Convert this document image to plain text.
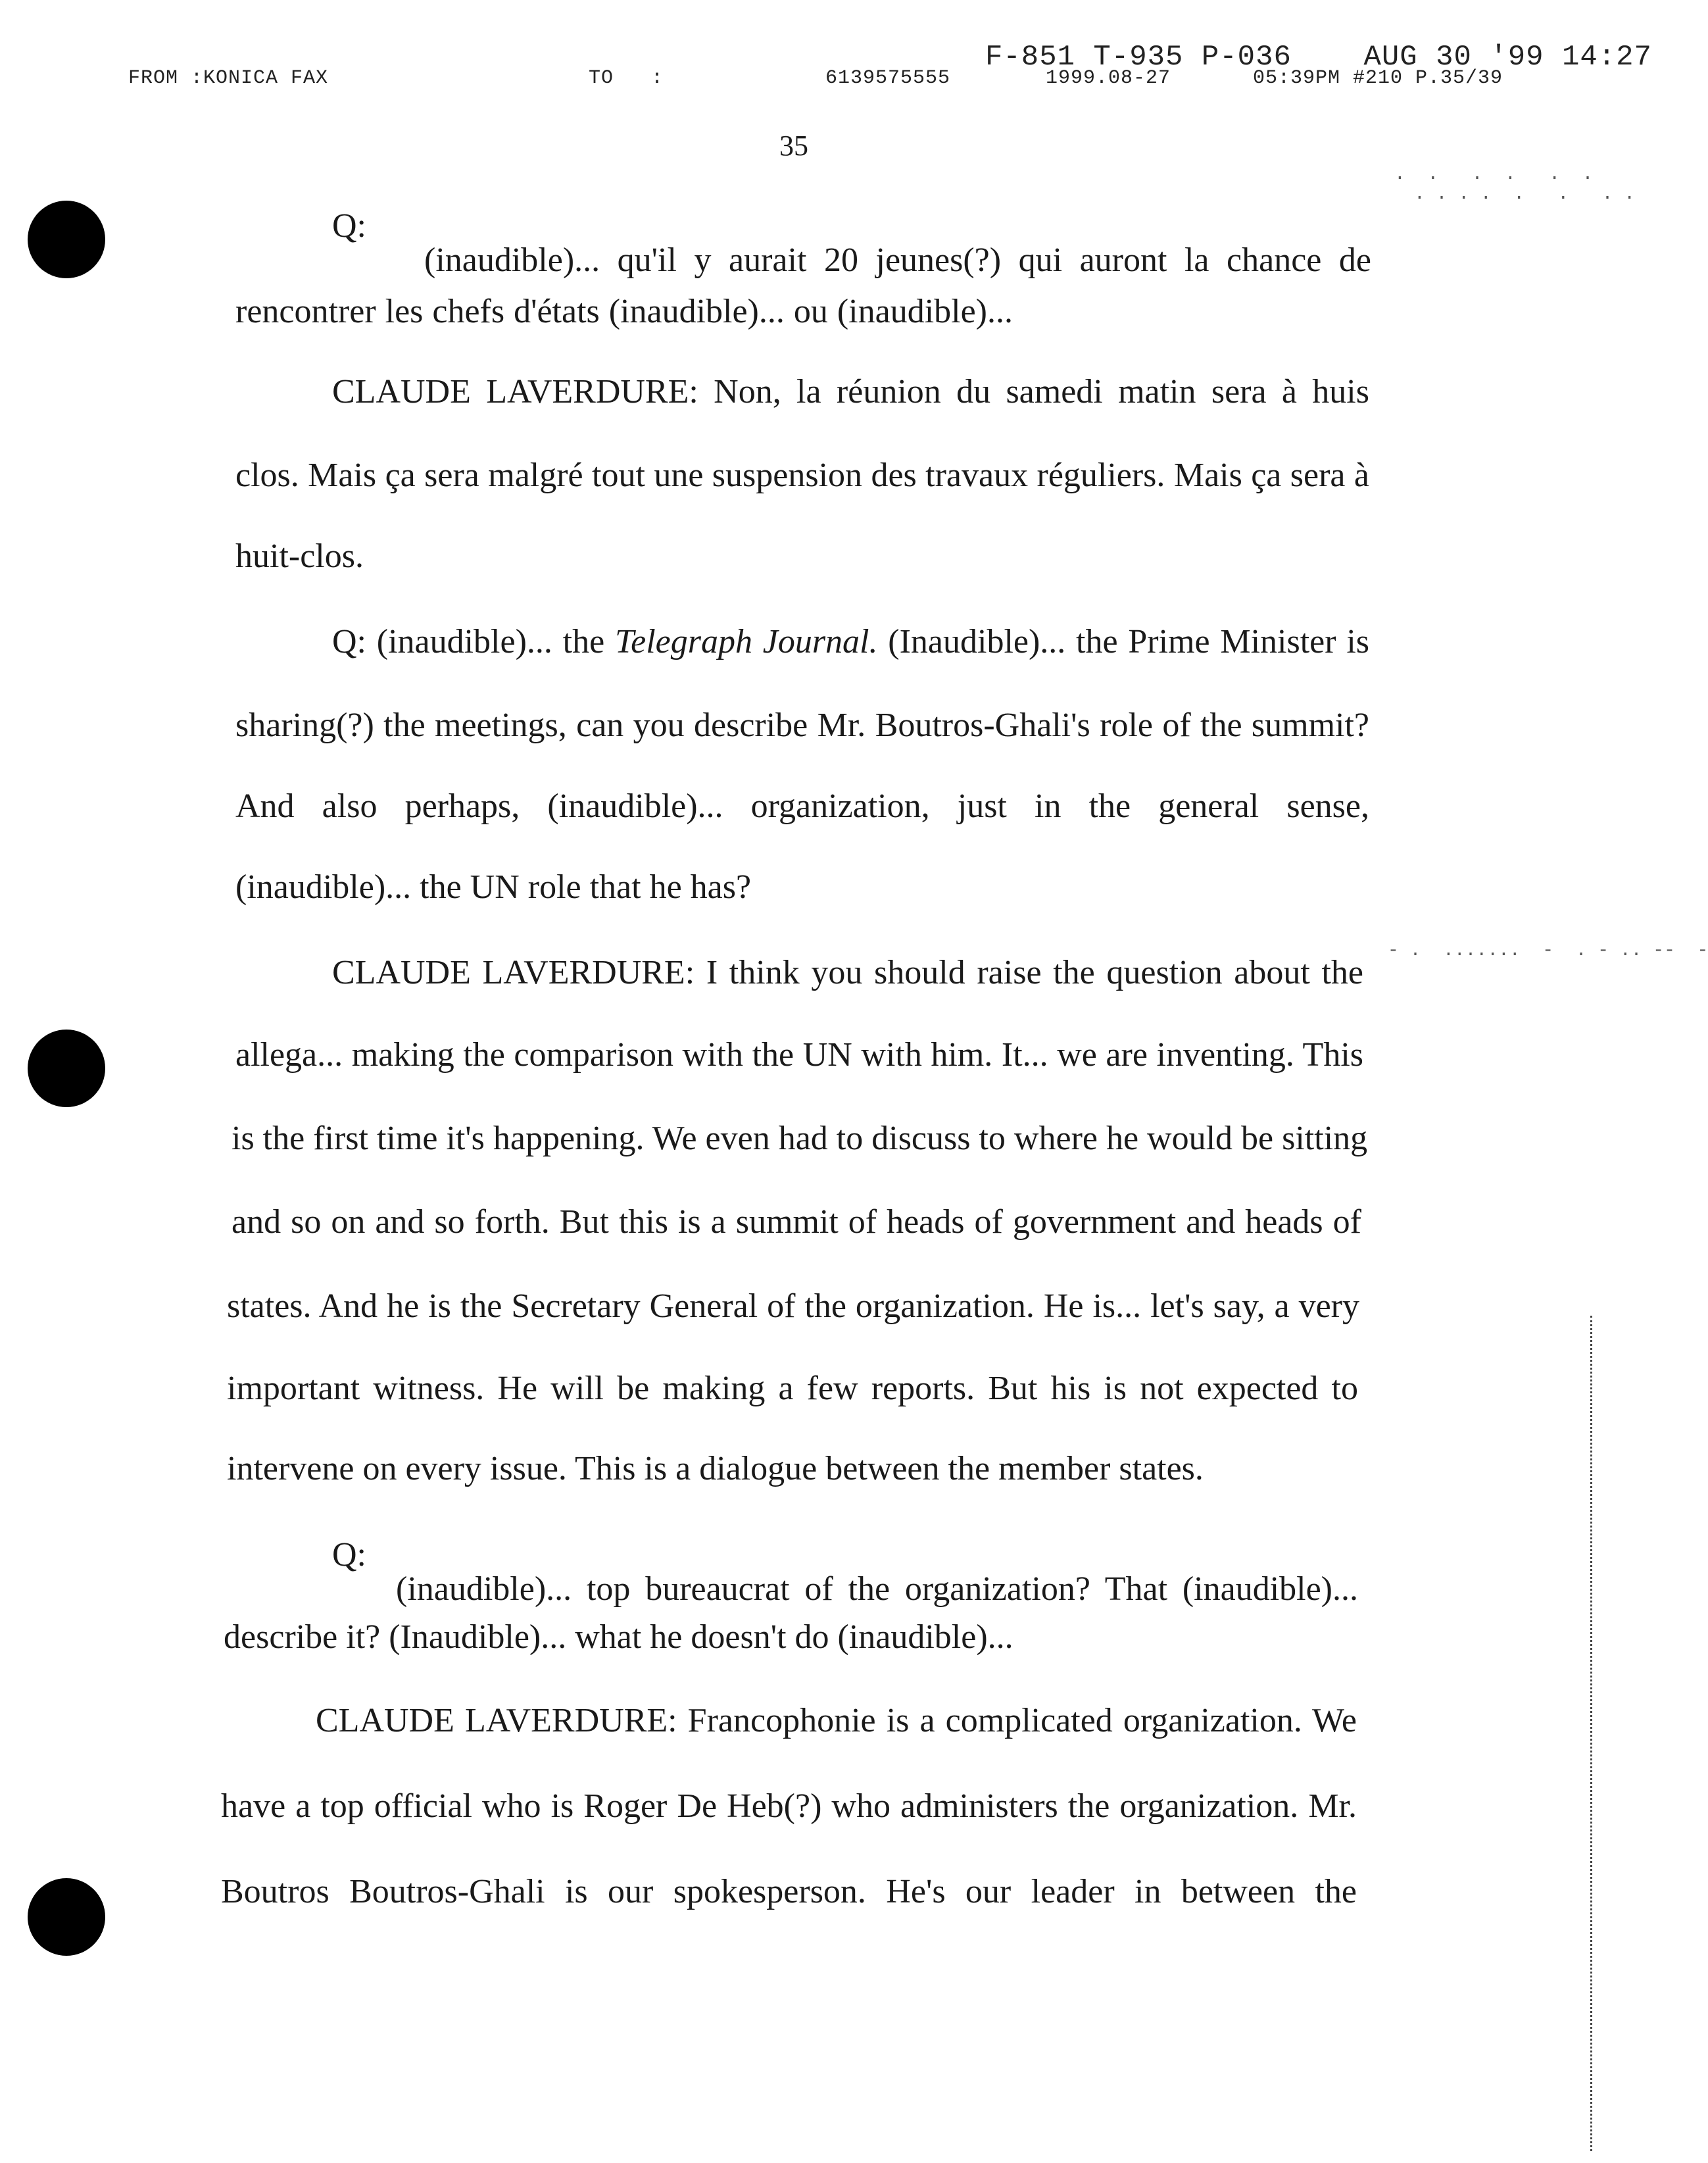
F-851 T-935 P-036    AUG 30 '99 14:27
FROM :KONICA FAX	TO   :	6139575555	1999.08-27	05:39PM #210 P.35/39
35
.  .   .  .   .  .
. . . .  .   .   . .
- .  .......  -  . - .. --  -
Q:
(inaudible)... qu'il y aurait 20 jeunes(?) qui auront la chance de
rencontrer les chefs d'états (inaudible)... ou (inaudible)...
CLAUDE LAVERDURE: Non, la réunion du samedi matin sera à huis
clos. Mais ça sera malgré tout une suspension des travaux réguliers. Mais ça sera à
huit-clos.
Q: (inaudible)... the Telegraph Journal. (Inaudible)... the Prime Minister is
sharing(?) the meetings, can you describe Mr. Boutros-Ghali's role of the summit?
And also perhaps, (inaudible)... organization, just in the general sense,
(inaudible)... the UN role that he has?
CLAUDE LAVERDURE: I think you should raise the question about the
allega... making the comparison with the UN with him. It... we are inventing. This
is the first time it's happening. We even had to discuss to where he would be sitting
and so on and so forth. But this is a summit of heads of government and heads of
states. And he is the Secretary General of the organization. He is... let's say, a very
important witness. He will be making a few reports. But his is not expected to
intervene on every issue. This is a dialogue between the member states.
Q:
(inaudible)... top bureaucrat of the organization? That (inaudible)...
describe it? (Inaudible)... what he doesn't do (inaudible)...
CLAUDE LAVERDURE: Francophonie is a complicated organization. We
have a top official who is Roger De Heb(?) who administers the organization. Mr.
Boutros Boutros-Ghali is our spokesperson. He's our leader in between the
